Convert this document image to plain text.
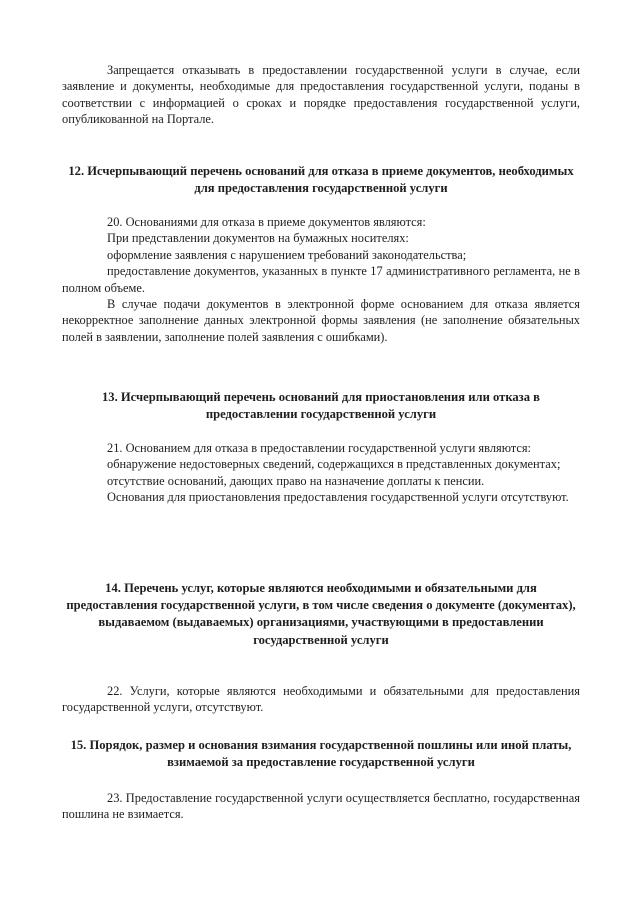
Запрещается отказывать в предоставлении государственной услуги в случае, если заявление и документы, необходимые для предоставления государственной услуги, поданы в соответствии с информацией о сроках и порядке предоставления государственной услуги, опубликованной на Портале.

12. Исчерпывающий перечень оснований для отказа в приеме документов, необходимых для предоставления государственной услуги

20. Основаниями для отказа в приеме документов являются:

При представлении документов на бумажных носителях:

оформление заявления с нарушением требований законодательства;

предоставление документов, указанных в пункте 17 административного регламента, не в полном объеме.

В случае подачи документов в электронной форме основанием для отказа является некорректное заполнение данных электронной формы заявления (не заполнение обязательных полей в заявлении, заполнение полей заявления с ошибками).

13. Исчерпывающий перечень оснований для приостановления или отказа в предоставлении государственной услуги

21. Основанием для отказа в предоставлении государственной услуги являются:

обнаружение недостоверных сведений, содержащихся в представленных документах;

отсутствие оснований, дающих право на назначение доплаты к пенсии.

Основания для приостановления предоставления государственной услуги отсутствуют.

14. Перечень услуг, которые являются необходимыми и обязательными для предоставления государственной услуги, в том числе сведения о документе (документах), выдаваемом (выдаваемых) организациями, участвующими в предоставлении государственной услуги

22. Услуги, которые являются необходимыми и обязательными для предоставления государственной услуги, отсутствуют.

15. Порядок, размер и основания взимания государственной пошлины или иной платы, взимаемой за предоставление государственной услуги

23. Предоставление государственной услуги осуществляется бесплатно, государственная пошлина не взимается.
